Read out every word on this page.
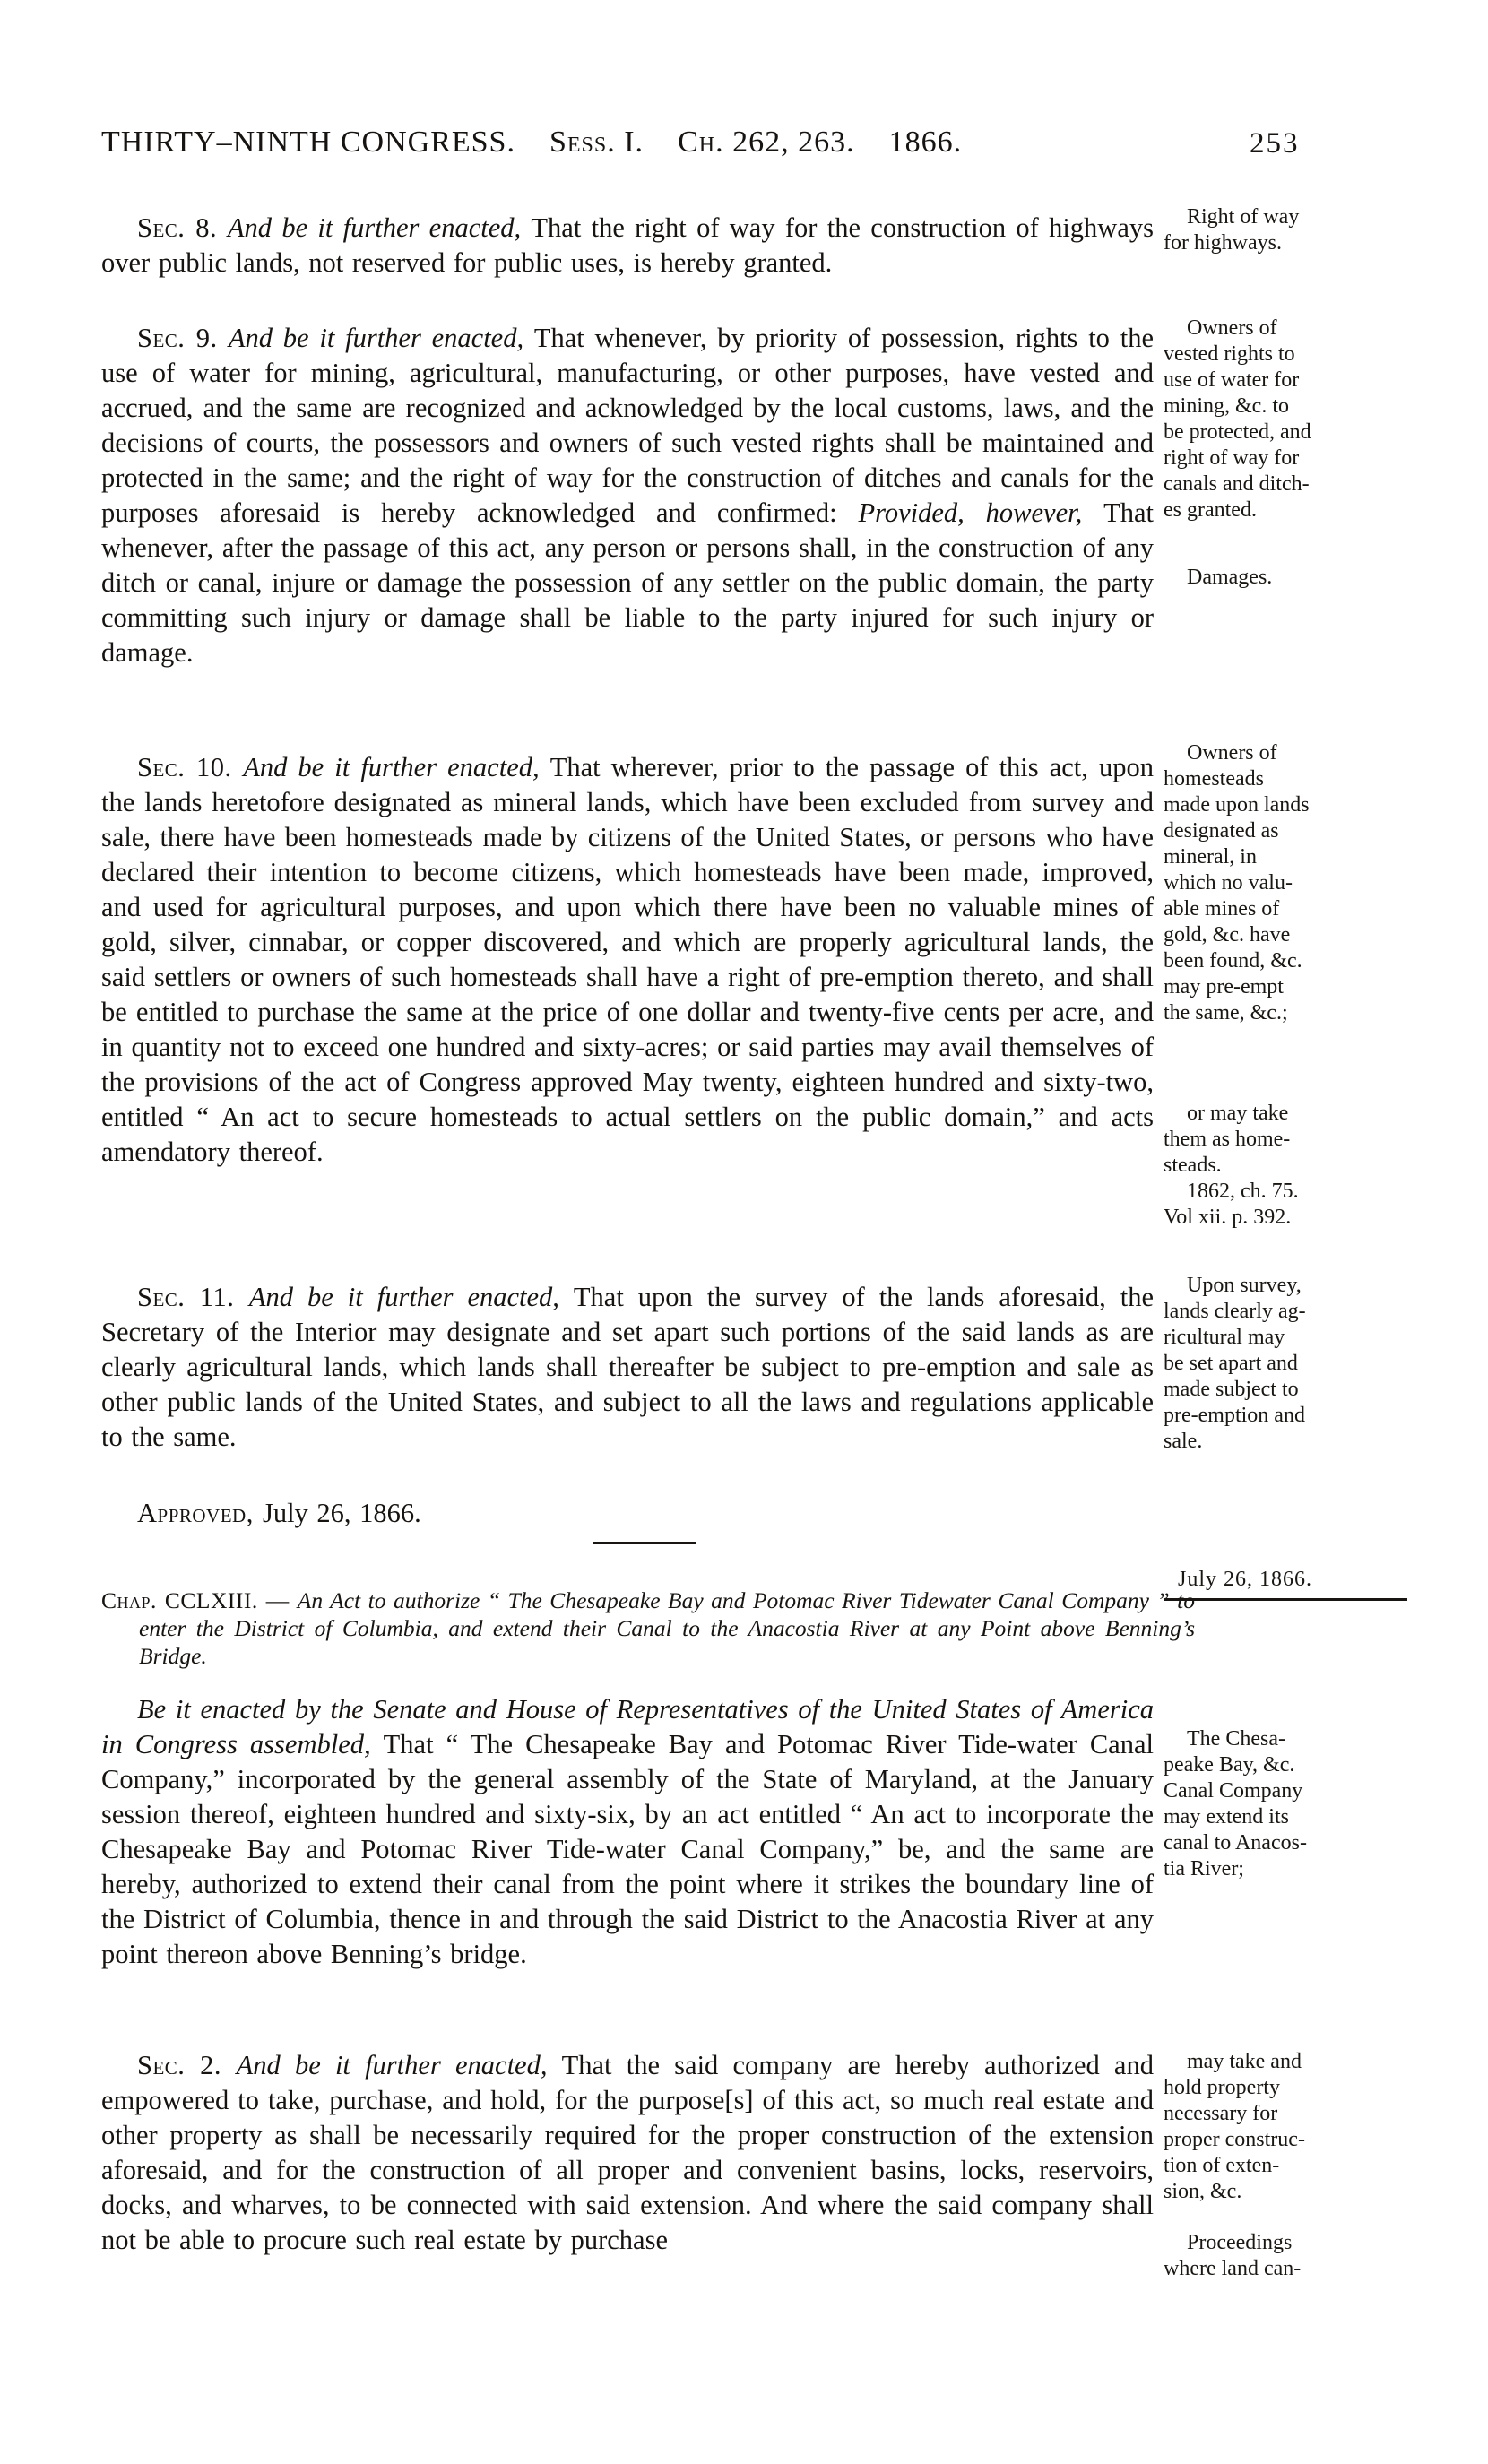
THIRTY–NINTH CONGRESS. Sess. I. Ch. 262, 263. 1866.	253
Sec. 8. And be it further enacted, That the right of way for the construction of highways over public lands, not reserved for public uses, is hereby granted.
Sec. 9. And be it further enacted, That whenever, by priority of possession, rights to the use of water for mining, agricultural, manufacturing, or other purposes, have vested and accrued, and the same are recognized and acknowledged by the local customs, laws, and the decisions of courts, the possessors and owners of such vested rights shall be maintained and protected in the same; and the right of way for the construction of ditches and canals for the purposes aforesaid is hereby acknowledged and confirmed: Provided, however, That whenever, after the passage of this act, any person or persons shall, in the construction of any ditch or canal, injure or damage the possession of any settler on the public domain, the party committing such injury or damage shall be liable to the party injured for such injury or damage.
Sec. 10. And be it further enacted, That wherever, prior to the passage of this act, upon the lands heretofore designated as mineral lands, which have been excluded from survey and sale, there have been homesteads made by citizens of the United States, or persons who have declared their intention to become citizens, which homesteads have been made, improved, and used for agricultural purposes, and upon which there have been no valuable mines of gold, silver, cinnabar, or copper discovered, and which are properly agricultural lands, the said settlers or owners of such homesteads shall have a right of pre-emption thereto, and shall be entitled to purchase the same at the price of one dollar and twenty-five cents per acre, and in quantity not to exceed one hundred and sixty-acres; or said parties may avail themselves of the provisions of the act of Congress approved May twenty, eighteen hundred and sixty-two, entitled “ An act to secure homesteads to actual settlers on the public domain,” and acts amendatory thereof.
Sec. 11. And be it further enacted, That upon the survey of the lands aforesaid, the Secretary of the Interior may designate and set apart such portions of the said lands as are clearly agricultural lands, which lands shall thereafter be subject to pre-emption and sale as other public lands of the United States, and subject to all the laws and regulations applicable to the same.
Approved, July 26, 1866.
Chap. CCLXIII. — An Act to authorize “ The Chesapeake Bay and Potomac River Tidewater Canal Company ” to enter the District of Columbia, and extend their Canal to the Anacostia River at any Point above Benning’s Bridge.
Be it enacted by the Senate and House of Representatives of the United States of America in Congress assembled, That “ The Chesapeake Bay and Potomac River Tide-water Canal Company,” incorporated by the general assembly of the State of Maryland, at the January session thereof, eighteen hundred and sixty-six, by an act entitled “ An act to incorporate the Chesapeake Bay and Potomac River Tide-water Canal Company,” be, and the same are hereby, authorized to extend their canal from the point where it strikes the boundary line of the District of Columbia, thence in and through the said District to the Anacostia River at any point thereon above Benning’s bridge.
Sec. 2. And be it further enacted, That the said company are hereby authorized and empowered to take, purchase, and hold, for the purpose[s] of this act, so much real estate and other property as shall be necessarily required for the proper construction of the extension aforesaid, and for the construction of all proper and convenient basins, locks, reservoirs, docks, and wharves, to be connected with said extension. And where the said company shall not be able to procure such real estate by purchase
Right of way
for highways.
Owners of
vested rights to
use of water for
mining, &c. to
be protected, and
right of way for
canals and ditch-
es granted.
Damages.
Owners of
homesteads
made upon lands
designated as
mineral, in
which no valu-
able mines of
gold, &c. have
been found, &c.
may pre-empt
the same, &c.;
or may take
them as home-
steads.
1862, ch. 75.
Vol xii. p. 392.
Upon survey,
lands clearly ag-
ricultural may
be set apart and
made subject to
pre-emption and
sale.
July 26, 1866.
The Chesa-
peake Bay, &c.
Canal Company
may extend its
canal to Anacos-
tia River;
may take and
hold property
necessary for
proper construc-
tion of exten-
sion, &c.
Proceedings
where land can-
